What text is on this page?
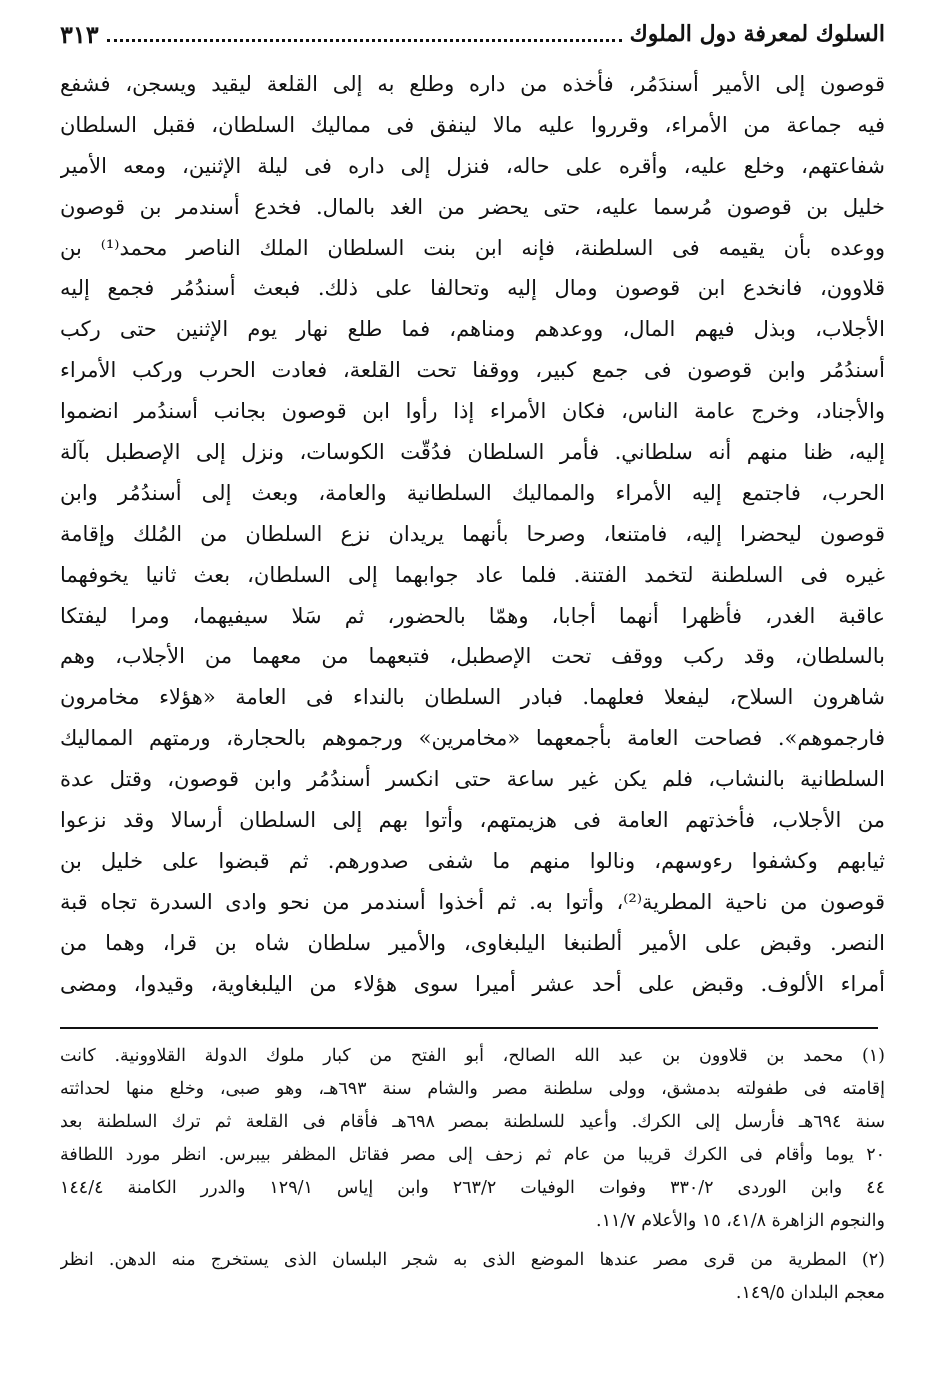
السلوك لمعرفة دول الملوك
٣١٣
قوصون إلى الأمير أسندَمُر، فأخذه من داره وطلع به إلى القلعة ليقيد ويسجن، فشفع
فيه جماعة من الأمراء، وقرروا عليه مالا لينفق فى مماليك السلطان، فقبل السلطان
شفاعتهم، وخلع عليه، وأقره على حاله، فنزل إلى داره فى ليلة الإثنين، ومعه الأمير
خليل بن قوصون مُرسما عليه، حتى يحضر من الغد بالمال. فخدع أسندمر بن قوصون
ووعده بأن يقيمه فى السلطنة، فإنه ابن بنت السلطان الملك الناصر محمد⁽¹⁾ بن
قلاوون، فانخدع ابن قوصون ومال إليه وتحالفا على ذلك. فبعث أسندُمُر فجمع إليه
الأجلاب، وبذل فيهم المال، ووعدهم ومناهم، فما طلع نهار يوم الإثنين حتى ركب
أسندُمُر وابن قوصون فى جمع كبير، ووقفا تحت القلعة، فعادت الحرب وركب الأمراء
والأجناد، وخرج عامة الناس، فكان الأمراء إذا رأوا ابن قوصون بجانب أسندُمر انضموا
إليه، ظنا منهم أنه سلطاني. فأمر السلطان فدُقّت الكوسات، ونزل إلى الإصطبل بآلة
الحرب، فاجتمع إليه الأمراء والمماليك السلطانية والعامة، وبعث إلى أسندُمُر وابن
قوصون ليحضرا إليه، فامتنعا، وصرحا بأنهما يريدان نزع السلطان من المُلك وإقامة
غيره فى السلطنة لتخمد الفتنة. فلما عاد جوابهما إلى السلطان، بعث ثانيا يخوفهما
عاقبة الغدر، فأظهرا أنهما أجابا، وهمّا بالحضور، ثم سَلا سيفيهما، ومرا ليفتكا
بالسلطان، وقد ركب ووقف تحت الإصطبل، فتبعهما من معهما من الأجلاب، وهم
شاهرون السلاح، ليفعلا فعلهما. فبادر السلطان بالنداء فى العامة «هؤلاء مخامرون
فارجموهم». فصاحت العامة بأجمعهما «مخامرين» ورجموهم بالحجارة، ورمتهم المماليك
السلطانية بالنشاب، فلم يكن غير ساعة حتى انكسر أسندُمُر وابن قوصون، وقتل عدة
من الأجلاب، فأخذتهم العامة فى هزيمتهم، وأتوا بهم إلى السلطان أرسالا وقد نزعوا
ثيابهم وكشفوا رءوسهم، ونالوا منهم ما شفى صدورهم. ثم قبضوا على خليل بن
قوصون من ناحية المطرية⁽²⁾، وأتوا به. ثم أخذوا أسندمر من نحو وادى السدرة تجاه قبة
النصر. وقبض على الأمير ألطنبغا اليلبغاوى، والأمير سلطان شاه بن قرا، وهما من
أمراء الألوف. وقبض على أحد عشر أميرا سوى هؤلاء من اليلبغاوية، وقيدوا، ومضى
(١) محمد بن قلاوون بن عبد الله الصالح، أبو الفتح من كبار ملوك الدولة القلاوونية. كانت
إقامته فى طفولته بدمشق، وولى سلطنة مصر والشام سنة ٦٩٣هـ، وهو صبى، وخلع منها لحداثته
سنة ٦٩٤هـ فأرسل إلى الكرك. وأعيد للسلطنة بمصر ٦٩٨هـ فأقام فى القلعة ثم ترك السلطنة بعد
٢٠ يوما وأقام فى الكرك قريبا من عام ثم زحف إلى مصر فقاتل المظفر بيبرس. انظر مورد اللطافة
٤٤ وابن الوردى ٣٣٠/٢ وفوات الوفيات ٢٦٣/٢ وابن إياس ١٢٩/١ والدرر الكامنة ١٤٤/٤
والنجوم الزاهرة ٤١/٨، ١٥ والأعلام ١١/٧.
(٢) المطرية من قرى مصر عندها الموضع الذى به شجر البلسان الذى يستخرج منه الدهن. انظر
معجم البلدان ١٤٩/٥.
